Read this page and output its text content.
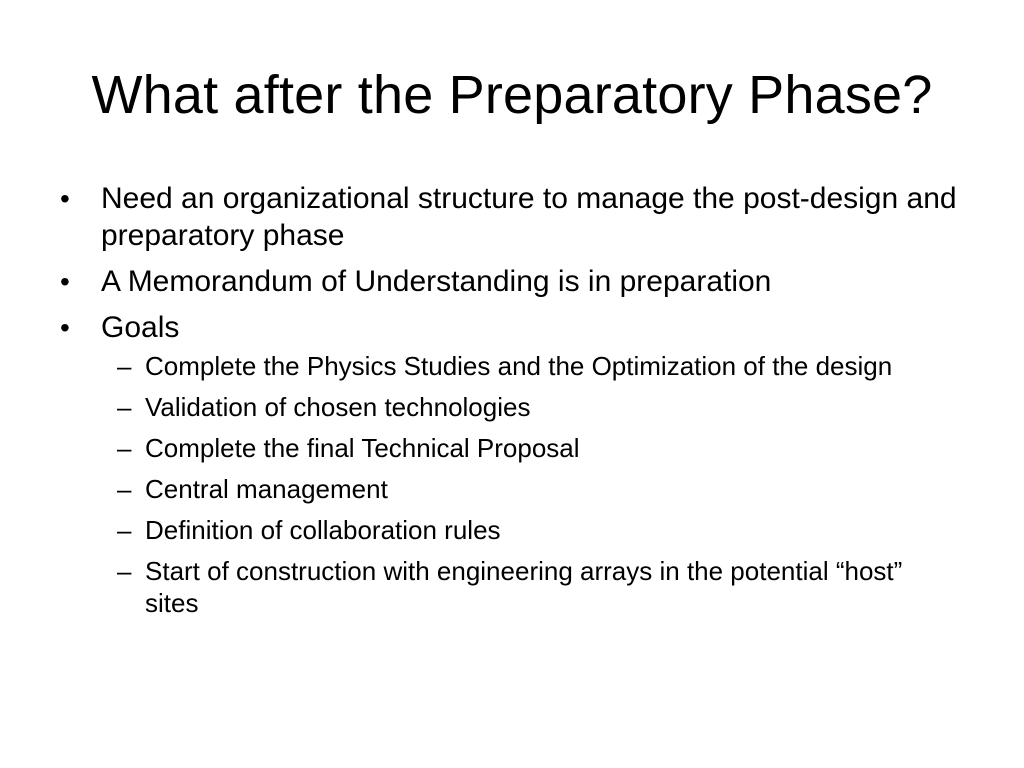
What after the Preparatory Phase?
• Need an organizational structure to manage the post-design and preparatory phase
• A Memorandum of Understanding is in preparation
• Goals
– Complete the Physics Studies and the Optimization of the design
– Validation of chosen technologies
– Complete the final Technical Proposal
– Central management
– Definition of collaboration rules
– Start of construction with engineering arrays in the potential “host” sites
